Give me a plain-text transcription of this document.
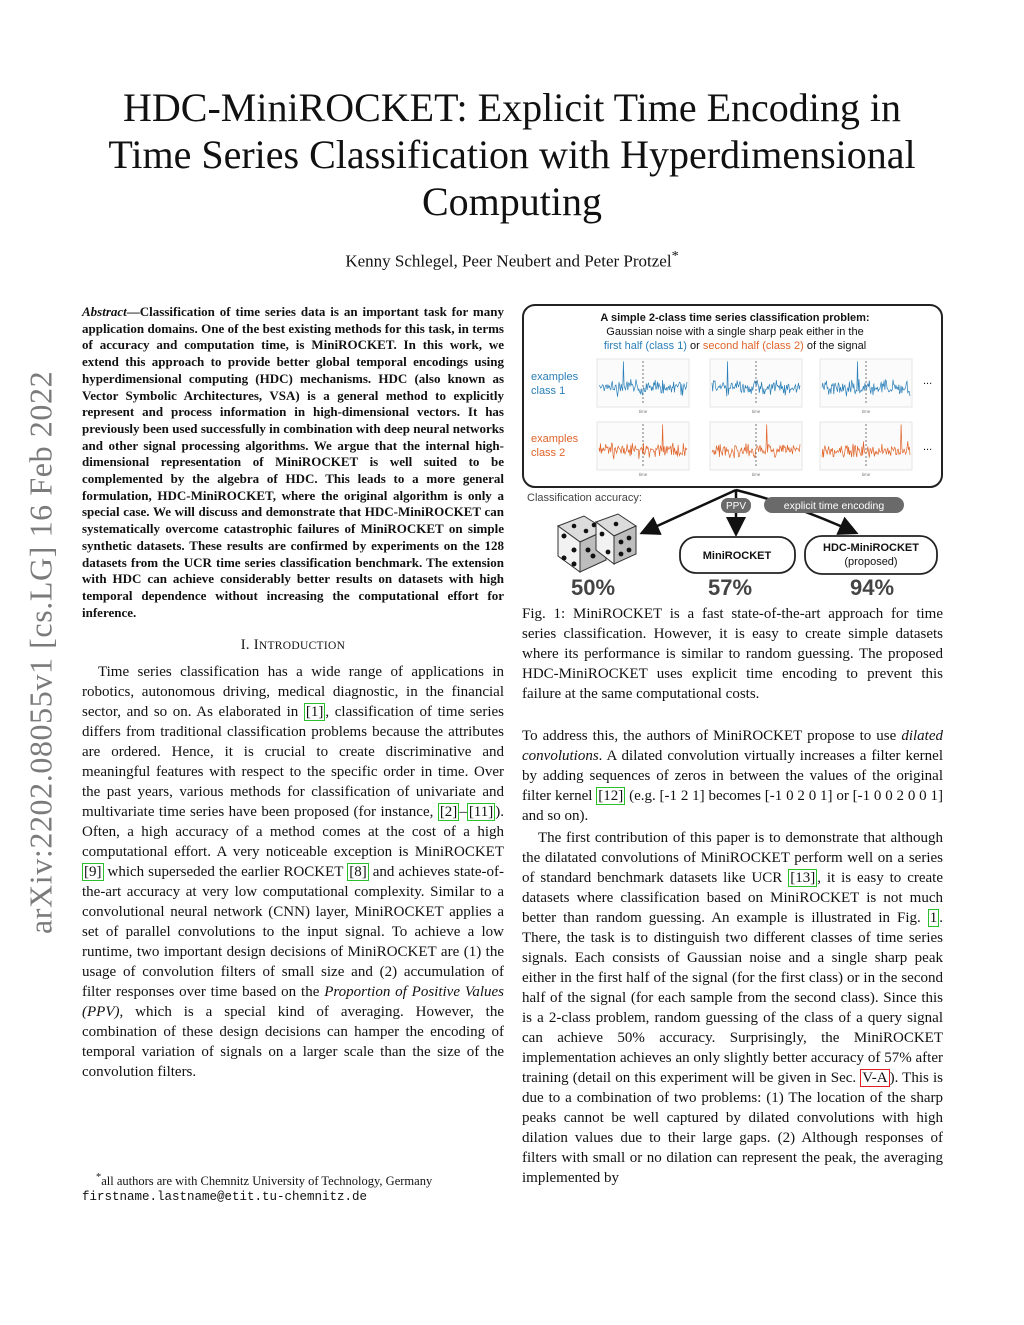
arXiv:2202.08055v1 [cs.LG] 16 Feb 2022
HDC-MiniROCKET: Explicit Time Encoding in Time Series Classification with Hyperdimensional Computing
Kenny Schlegel, Peer Neubert and Peter Protzel*

Abstract—Classification of time series data is an important task for many application domains. One of the best existing methods for this task, in terms of accuracy and computation time, is MiniROCKET. In this work, we extend this approach to provide better global temporal encodings using hyperdimensional computing (HDC) mechanisms. HDC (also known as Vector Symbolic Architectures, VSA) is a general method to explicitly represent and process information in high-dimensional vectors. It has previously been used successfully in combination with deep neural networks and other signal processing algorithms. We argue that the internal high-dimensional representation of MiniROCKET is well suited to be complemented by the algebra of HDC. This leads to a more general formulation, HDC-MiniROCKET, where the original algorithm is only a special case. We will discuss and demonstrate that HDC-MiniROCKET can systematically overcome catastrophic failures of MiniROCKET on simple synthetic datasets. These results are confirmed by experiments on the 128 datasets from the UCR time series classification benchmark. The extension with HDC can achieve considerably better results on datasets with high temporal dependence without increasing the computational effort for inference.

I. INTRODUCTION

Time series classification has a wide range of applications in robotics, autonomous driving, medical diagnostic, in the financial sector, and so on. As elaborated in [1] , classification of time series differs from traditional classification problems because the attributes are ordered. Hence, it is crucial to create discriminative and meaningful features with respect to the specific order in time. Over the past years, various methods for classification of univariate and multivariate time series have been proposed (for instance, [2] – [11] ). Often, a high accuracy of a method comes at the cost of a high computational effort. A very noticeable exception is MiniROCKET [9] which superseded the earlier ROCKET [8] and achieves state-of-the-art accuracy at very low computational complexity. Similar to a convolutional neural network (CNN) layer, MiniROCKET applies a set of parallel convolutions to the input signal. To achieve a low runtime, two important design decisions of MiniROCKET are (1) the usage of convolution filters of small size and (2) accumulation of filter responses over time based on the Proportion of Positive Values (PPV), which is a special kind of averaging. However, the combination of these design decisions can hamper the encoding of temporal variation of signals on a larger scale than the size of the convolution filters.

*all authors are with Chemnitz University of Technology, Germany
firstname.lastname@etit.tu-chemnitz.de
A simple 2-class time series classification problem:
Gaussian noise with a single sharp peak either in the
first half (class 1) or second half (class 2) of the signal
examples
class 1
examples
class 2
time	time	time
time	time	time
...
...
Classification accuracy:
PPV	explicit time encoding
MiniROCKET
HDC-MiniROCKET
(proposed)
50%	57%	94%

Fig. 1: MiniROCKET is a fast state-of-the-art approach for time series classification. However, it is easy to create simple datasets where its performance is similar to random guessing. The proposed HDC-MiniROCKET uses explicit time encoding to prevent this failure at the same computational costs.

To address this, the authors of MiniROCKET propose to use dilated convolutions. A dilated convolution virtually increases a filter kernel by adding sequences of zeros in between the values of the original filter kernel [12] (e.g. [-1 2 1] becomes [-1 0 2 0 1] or [-1 0 0 2 0 0 1] and so on).

The first contribution of this paper is to demonstrate that although the dilatated convolutions of MiniROCKET perform well on a series of standard benchmark datasets like UCR [13] , it is easy to create datasets where classification based on MiniROCKET is not much better than random guessing. An example is illustrated in Fig. 1 . There, the task is to distinguish two different classes of time series signals. Each consists of Gaussian noise and a single sharp peak either in the first half of the signal (for the first class) or in the second half of the signal (for each sample from the second class). Since this is a 2-class problem, random guessing of the class of a query signal can achieve 50% accuracy. Surprisingly, the MiniROCKET implementation achieves an only slightly better accuracy of 57% after training (detail on this experiment will be given in Sec. V-A ). This is due to a combination of two problems: (1) The location of the sharp peaks cannot be well captured by dilated convolutions with high dilation values due to their large gaps. (2) Although responses of filters with small or no dilation can represent the peak, the averaging implemented by
